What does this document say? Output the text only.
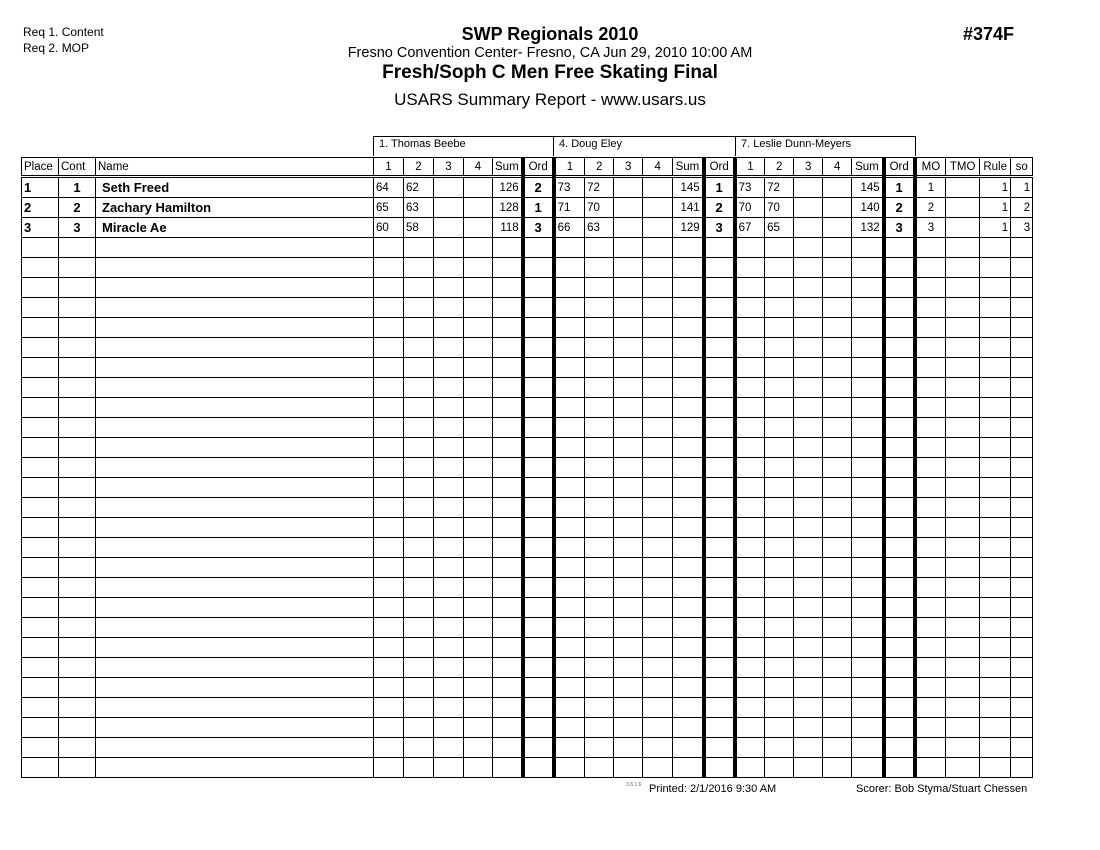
Req 1. Content
Req 2. MOP
SWP Regionals 2010
Fresno Convention Center- Fresno, CA Jun 29, 2010 10:00 AM
Fresh/Soph C Men Free Skating Final
USARS Summary Report - www.usars.us
#374F
1. Thomas Beebe	4. Doug Eley	7. Leslie Dunn-Meyers
Place	Cont	Name	1	2	3	4	Sum	Ord	1	2	3	4	Sum	Ord	1	2	3	4	Sum	Ord	MO	TMO	Rule	so
1	1	Seth Freed	64	62			126	2	73	72			145	1	73	72			145	1	1		1	1
2	2	Zachary Hamilton	65	63			128	1	71	70			141	2	70	70			140	2	2		1	2
3	3	Miracle Ae	60	58			118	3	66	63			129	3	67	65			132	3	3		1	3

3.8.1.6 Printed: 2/1/2016 9:30 AM	Scorer: Bob Styma/Stuart Chessen
